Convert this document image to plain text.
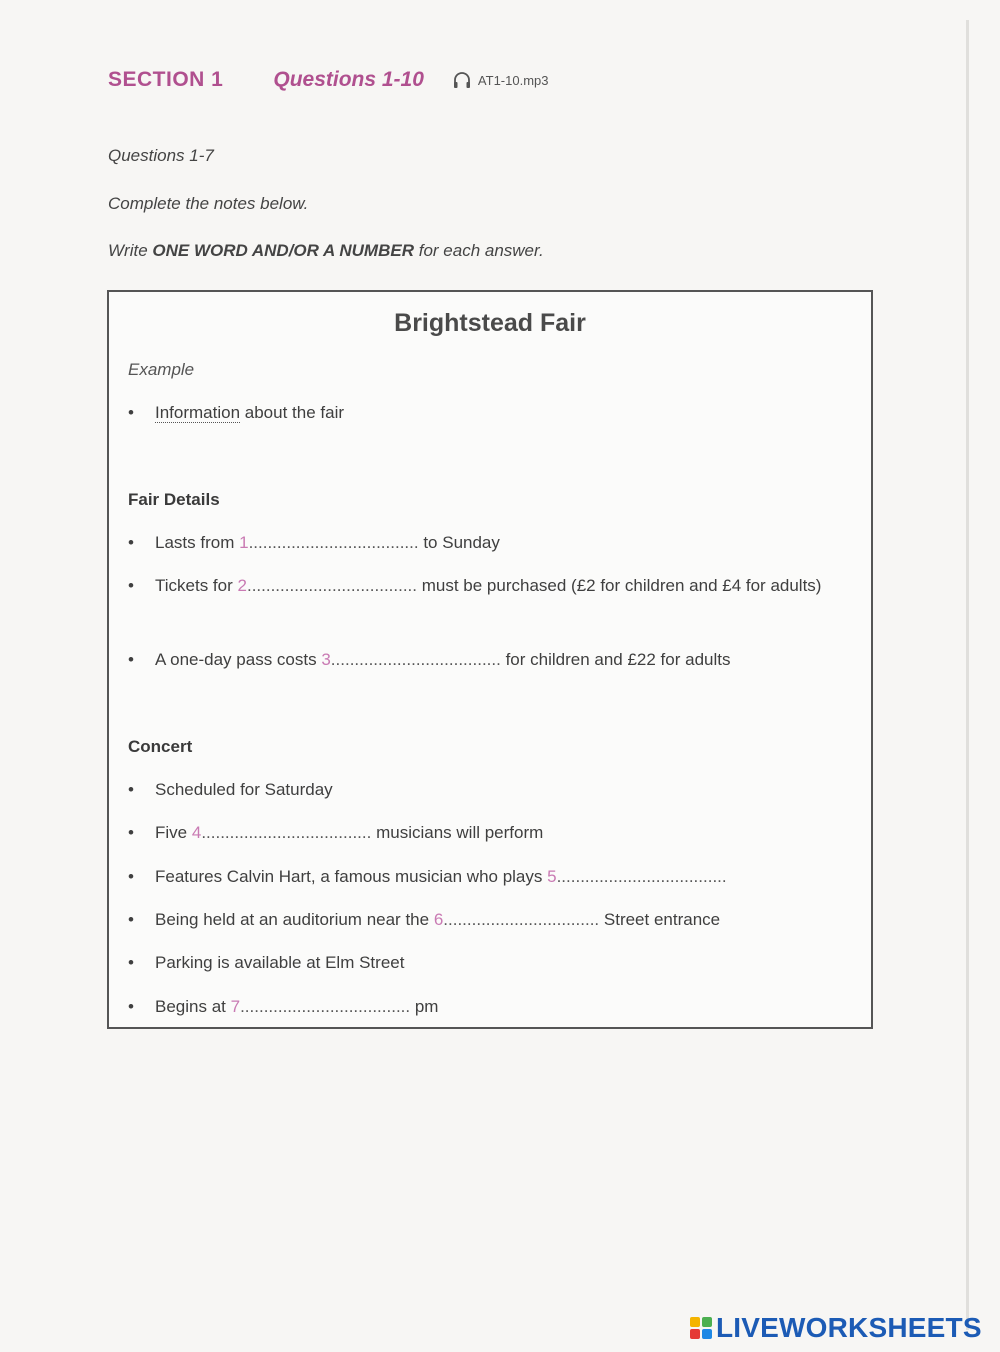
SECTION 1 Questions 1-10	AT1-10.mp3
Questions 1-7
Complete the notes below.
Write ONE WORD AND/OR A NUMBER for each answer.
Brightstead Fair
Example
• Information about the fair
Fair Details
• Lasts from 1.................................... to Sunday
• Tickets for 2.................................... must be purchased (£2 for children and £4 for adults)
• A one-day pass costs 3.................................... for children and £22 for adults
Concert
• Scheduled for Saturday
• Five 4.................................... musicians will perform
• Features Calvin Hart, a famous musician who plays 5....................................
• Being held at an auditorium near the 6................................. Street entrance
• Parking is available at Elm Street
• Begins at 7.................................... pm
LIVEWORKSHEETS
